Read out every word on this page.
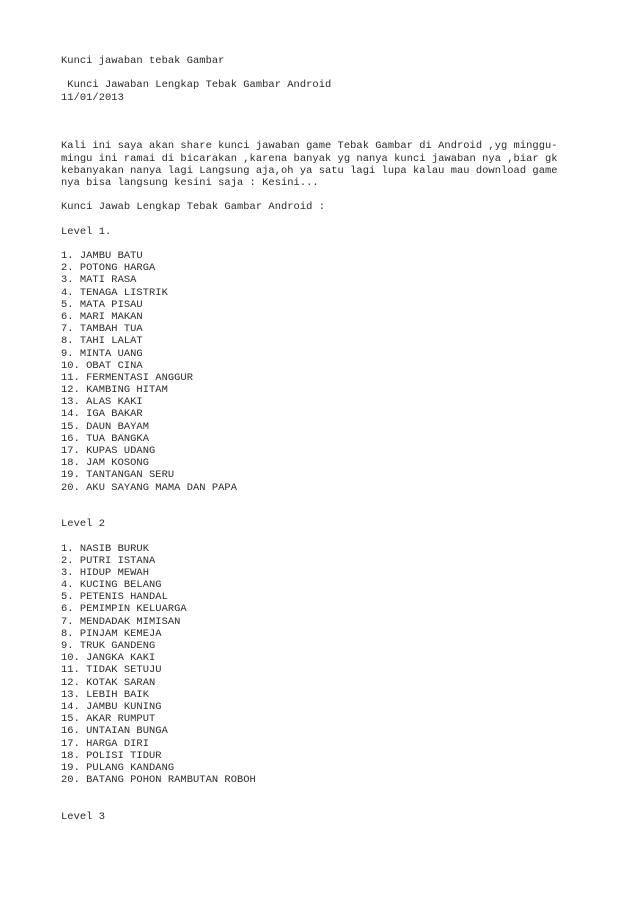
Kunci jawaban tebak Gambar
Kunci Jawaban Lengkap Tebak Gambar Android
11/01/2013
Kali ini saya akan share kunci jawaban game Tebak Gambar di Android ,yg minggu-
mingu ini ramai di bicarakan ,karena banyak yg nanya kunci jawaban nya ,biar gk
kebanyakan nanya lagi Langsung aja,oh ya satu lagi lupa kalau mau download game
nya bisa langsung kesini saja : Kesini...
Kunci Jawab Lengkap Tebak Gambar Android :
Level 1.
1. JAMBU BATU
2. POTONG HARGA
3. MATI RASA
4. TENAGA LISTRIK
5. MATA PISAU
6. MARI MAKAN
7. TAMBAH TUA
8. TAHI LALAT
9. MINTA UANG
10. OBAT CINA
11. FERMENTASI ANGGUR
12. KAMBING HITAM
13. ALAS KAKI
14. IGA BAKAR
15. DAUN BAYAM
16. TUA BANGKA
17. KUPAS UDANG
18. JAM KOSONG
19. TANTANGAN SERU
20. AKU SAYANG MAMA DAN PAPA
Level 2
1. NASIB BURUK
2. PUTRI ISTANA
3. HIDUP MEWAH
4. KUCING BELANG
5. PETENIS HANDAL
6. PEMIMPIN KELUARGA
7. MENDADAK MIMISAN
8. PINJAM KEMEJA
9. TRUK GANDENG
10. JANGKA KAKI
11. TIDAK SETUJU
12. KOTAK SARAN
13. LEBIH BAIK
14. JAMBU KUNING
15. AKAR RUMPUT
16. UNTAIAN BUNGA
17. HARGA DIRI
18. POLISI TIDUR
19. PULANG KANDANG
20. BATANG POHON RAMBUTAN ROBOH
Level 3
